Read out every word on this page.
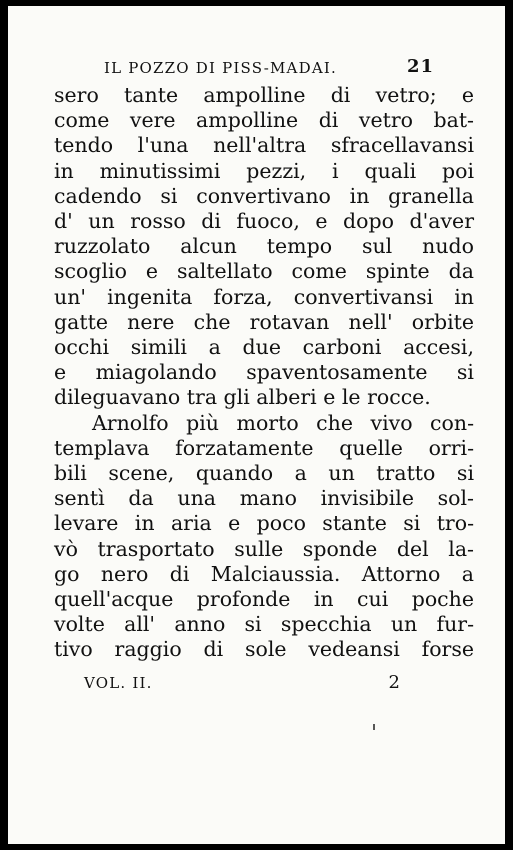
IL POZZO DI PISS-MADAI.	21
sero tante ampolline di vetro; e
come vere ampolline di vetro bat-
tendo l'una nell'altra sfracellavansi
in minutissimi pezzi, i quali poi
cadendo si convertivano in granella
d' un rosso di fuoco, e dopo d'aver
ruzzolato alcun tempo sul nudo
scoglio e saltellato come spinte da
un' ingenita forza, convertivansi in
gatte nere che rotavan nell' orbite
occhi simili a due carboni accesi,
e miagolando spaventosamente si
dileguavano tra gli alberi e le rocce.
Arnolfo più morto che vivo con-
templava forzatamente quelle orri-
bili scene, quando a un tratto si
sentì da una mano invisibile sol-
levare in aria e poco stante si tro-
vò trasportato sulle sponde del la-
go nero di Malciaussia. Attorno a
quell'acque profonde in cui poche
volte all' anno si specchia un fur-
tivo raggio di sole vedeansi forse
VOL. II.	2
